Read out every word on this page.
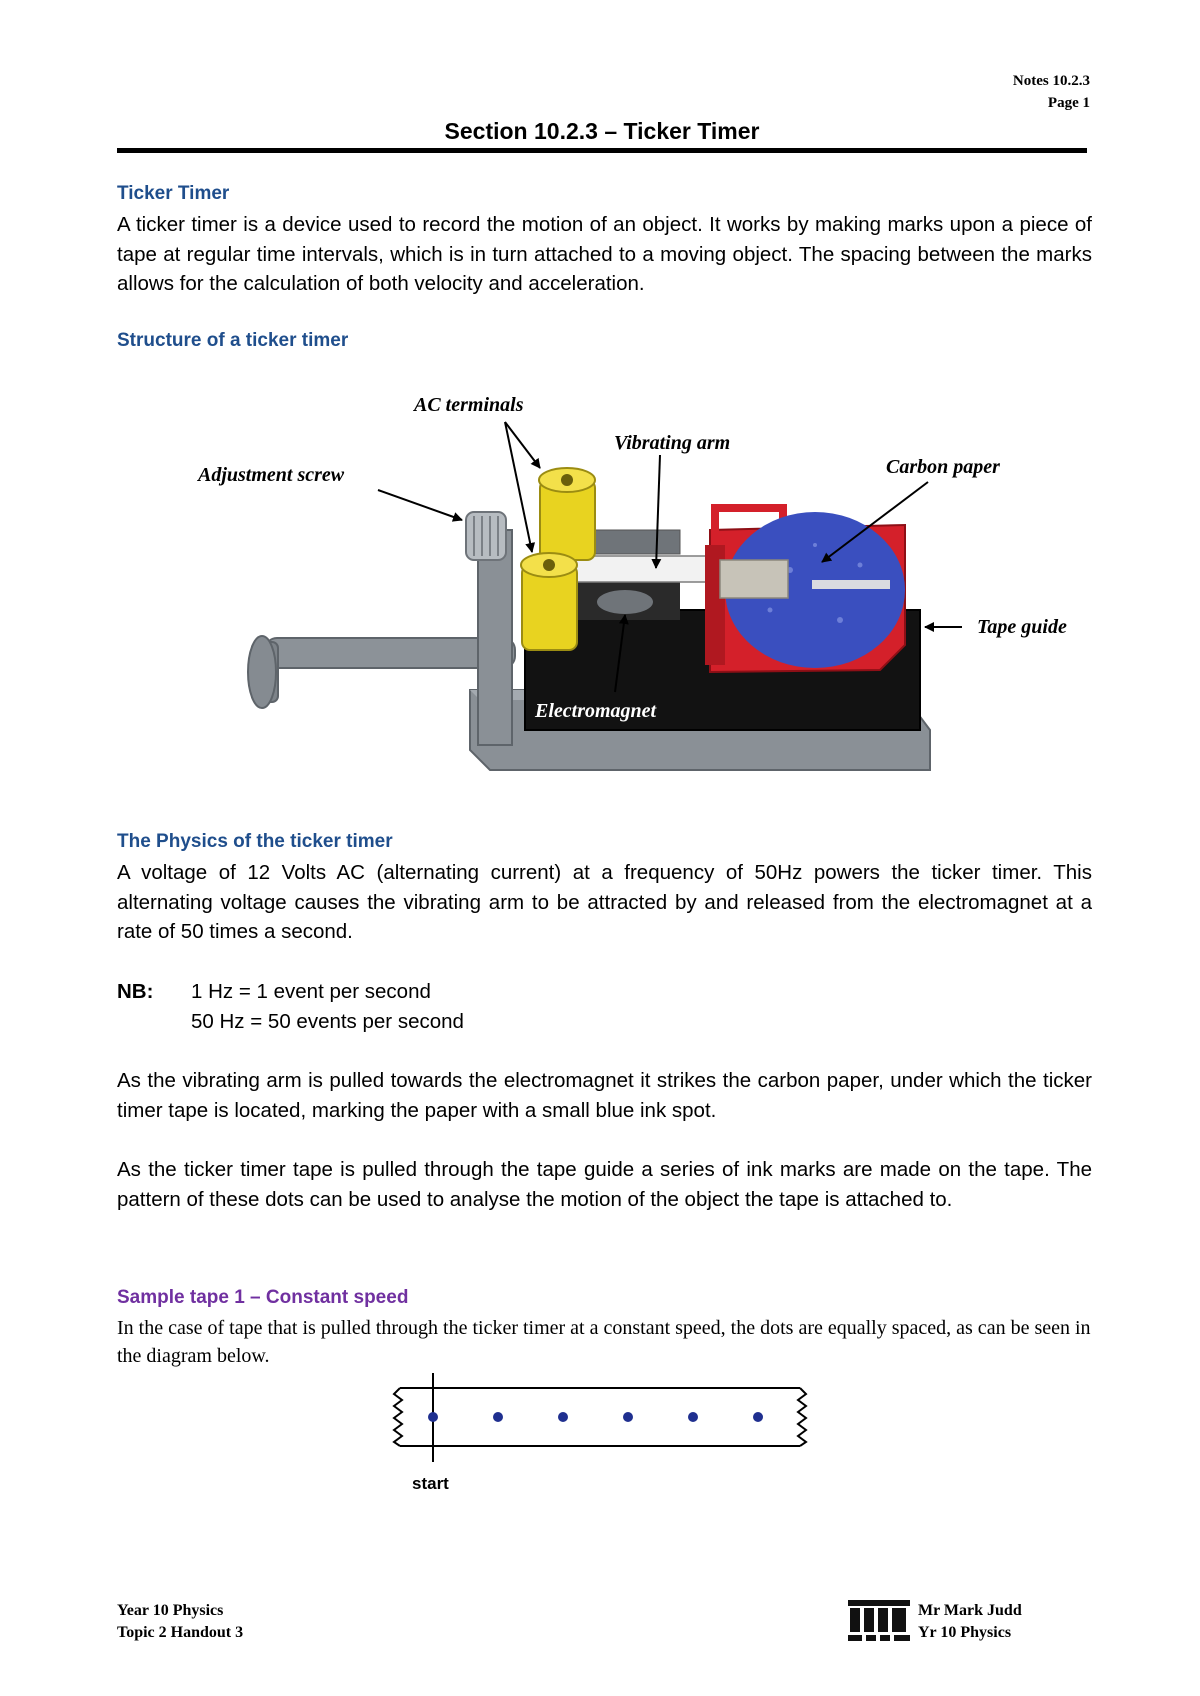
Notes 10.2.3
Page 1
Section 10.2.3 – Ticker Timer
Ticker Timer
A ticker timer is a device used to record the motion of an object. It works by making marks upon a piece of tape at regular time intervals, which is in turn attached to a moving object. The spacing between the marks allows for the calculation of both velocity and acceleration.
Structure of a ticker timer
AC terminals
Vibrating arm
Adjustment screw	Carbon paper
Tape guide
Electromagnet
The Physics of the ticker timer
A voltage of 12 Volts AC (alternating current) at a frequency of 50Hz powers the ticker timer. This alternating voltage causes the vibrating arm to be attracted by and released from the electromagnet at a rate of 50 times a second.
NB: 1 Hz = 1 event per second
50 Hz = 50 events per second
As the vibrating arm is pulled towards the electromagnet it strikes the carbon paper, under which the ticker timer tape is located, marking the paper with a small blue ink spot.
As the ticker timer tape is pulled through the tape guide a series of ink marks are made on the tape. The pattern of these dots can be used to analyse the motion of the object the tape is attached to.
Sample tape 1 – Constant speed
In the case of tape that is pulled through the ticker timer at a constant speed, the dots are equally spaced, as can be seen in the diagram below.
start
Year 10 Physics
Topic 2 Handout 3
Mr Mark Judd
Yr 10 Physics
